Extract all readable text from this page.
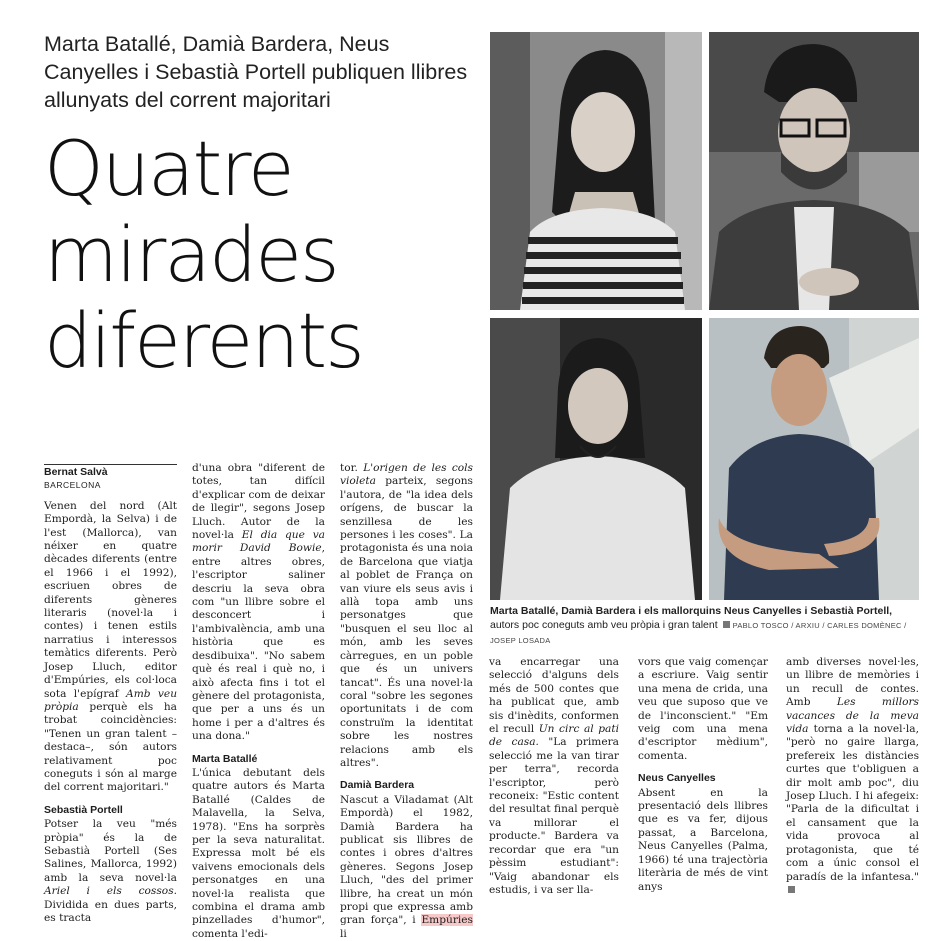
Marta Batallé, Damià Bardera, Neus Canyelles i Sebastià Portell publiquen llibres allunyats del corrent majoritari
Quatre
mirades
diferents
Marta Batallé, Damià Bardera i els mallorquins Neus Canyelles i Sebastià Portell, autors poc coneguts amb veu pròpia i gran talent PABLO TOSCO / ARXIU / CARLES DOMÈNEC / JOSEP LOSADA
Bernat Salvà
BARCELONA

Venen del nord (Alt Empordà, la Selva) i de l'est (Mallorca), van néixer en quatre dècades diferents (entre el 1966 i el 1992), escriuen obres de diferents gèneres literaris (novel·la i contes) i tenen estils narratius i interessos temàtics diferents. Però Josep Lluch, editor d'Empúries, els col·loca sota l'epígraf Amb veu pròpia perquè els ha trobat coincidències: "Tenen un gran talent –destaca–, són autors relativament poc coneguts i són al marge del corrent majoritari."

Sebastià Portell

Potser la veu "més pròpia" és la de Sebastià Portell (Ses Salines, Mallorca, 1992) amb la seva novel·la Ariel i els cossos. Dividida en dues parts, es tracta

d'una obra "diferent de totes, tan difícil d'explicar com de deixar de llegir", segons Josep Lluch. Autor de la novel·la El dia que va morir David Bowie, entre altres obres, l'escriptor saliner descriu la seva obra com "un llibre sobre el desconcert i l'ambivalència, amb una història que es desdibuixa". "No sabem què és real i què no, i això afecta fins i tot el gènere del protagonista, que per a uns és un home i per a d'altres és una dona."

Marta Batallé

L'única debutant dels quatre autors és Marta Batallé (Caldes de Malavella, la Selva, 1978). "Ens ha sorprès per la seva naturalitat. Expressa molt bé els vaivens emocionals dels personatges en una novel·la realista que combina el drama amb pinzellades d'humor", comenta l'edi-

tor. L'origen de les cols violeta parteix, segons l'autora, de "la idea dels orígens, de buscar la senzillesa de les persones i les coses". La protagonista és una noia de Barcelona que viatja al poblet de França on van viure els seus avis i allà topa amb uns personatges que "busquen el seu lloc al món, amb les seves càrregues, en un poble que és un univers tancat". És una novel·la coral "sobre les segones oportunitats i de com construïm la identitat sobre les nostres relacions amb els altres".

Damià Bardera

Nascut a Viladamat (Alt Empordà) el 1982, Damià Bardera ha publicat sis llibres de contes i obres d'altres gèneres. Segons Josep Lluch, "des del primer llibre, ha creat un món propi que expressa amb gran força", i Empúries li

va encarregar una selecció d'alguns dels més de 500 contes que ha publicat que, amb sis d'inèdits, conformen el recull Un circ al pati de casa. "La primera selecció me la van tirar per terra", recorda l'escriptor, però reconeix: "Estic content del resultat final perquè va millorar el producte." Bardera va recordar que era "un pèssim estudiant": "Vaig abandonar els estudis, i va ser lla-

vors que vaig començar a escriure. Vaig sentir una mena de crida, una veu que suposo que ve de l'inconscient." "Em veig com una mena d'escriptor mèdium", comenta.

Neus Canyelles

Absent en la presentació dels llibres que es va fer, dijous passat, a Barcelona, Neus Canyelles (Palma, 1966) té una trajectòria literària de més de vint anys

amb diverses novel·les, un llibre de memòries i un recull de contes. Amb Les millors vacances de la meva vida torna a la novel·la, "però no gaire llarga, prefereix les distàncies curtes que t'obliguen a dir molt amb poc", diu Josep Lluch. I hi afegeix: "Parla de la dificultat i el cansament que la vida provoca al protagonista, que té com a únic consol el paradís de la infantesa."
